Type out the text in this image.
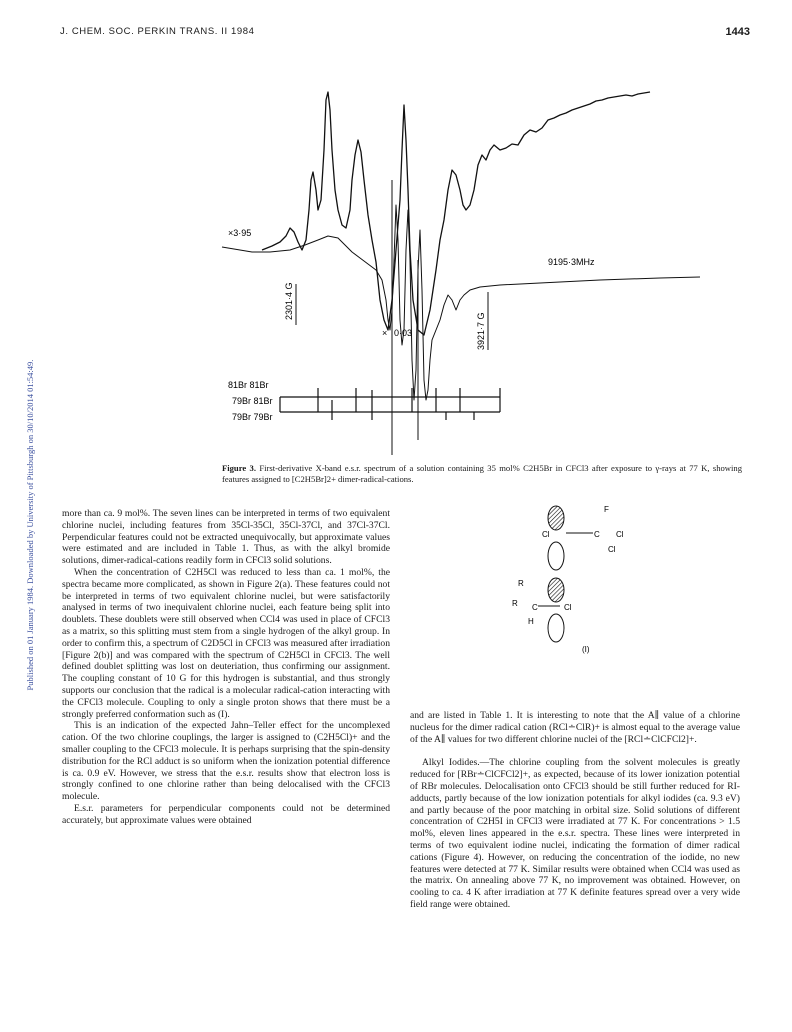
J. CHEM. SOC. PERKIN TRANS. II 1984	1443
Published on 01 January 1984. Downloaded by University of Pittsburgh on 30/10/2014 01:54:49.
2301·4 G
3921·7 G
×3·95
× 0·03
9195·3MHz
81Br 81Br
79Br 81Br
79Br 79Br
Figure 3. First-derivative X-band e.s.r. spectrum of a solution containing 35 mol% C2H5Br in CFCl3 after exposure to γ-rays at 77 K, showing features assigned to [C2H5Br]2+ dimer-radical-cations.
F
Cl	C Cl
Cl
R
R C	Cl
H
(I)

more than ca. 9 mol%. The seven lines can be interpreted in terms of two equivalent chlorine nuclei, including features from 35Cl-35Cl, 35Cl-37Cl, and 37Cl-37Cl. Perpendicular features could not be extracted unequivocally, but approximate values were estimated and are included in Table 1. Thus, as with the alkyl bromide solutions, dimer-radical-cations readily form in CFCl3 solid solutions.

When the concentration of C2H5Cl was reduced to less than ca. 1 mol%, the spectra became more complicated, as shown in Figure 2(a). These features could not be interpreted in terms of two equivalent chlorine nuclei, but were satisfactorily analysed in terms of two inequivalent chlorine nuclei, each feature being split into doublets. These doublets were still observed when CCl4 was used in place of CFCl3 as a matrix, so this splitting must stem from a single hydrogen of the alkyl group. In order to confirm this, a spectrum of C2D5Cl in CFCl3 was measured after irradiation [Figure 2(b)] and was compared with the spectrum of C2H5Cl in CFCl3. The well defined doublet splitting was lost on deuteriation, thus confirming our assignment. The coupling constant of 10 G for this hydrogen is substantial, and thus strongly supports our conclusion that the radical is a molecular radical-cation interacting with the CFCl3 molecule. Coupling to only a single proton shows that there must be a strongly preferred conformation such as (I).

This is an indication of the expected Jahn–Teller effect for the uncomplexed cation. Of the two chlorine couplings, the larger is assigned to (C2H5Cl)+ and the smaller coupling to the CFCl3 molecule. It is perhaps surprising that the spin-density distribution for the RCl adduct is so uniform when the ionization potential difference is ca. 0.9 eV. However, we stress that the e.s.r. results show that electron loss is strongly confined to one chlorine rather than being delocalised with the CFCl3 molecule.

E.s.r. parameters for perpendicular components could not be determined accurately, but approximate values were obtained

and are listed in Table 1. It is interesting to note that the A∥ value of a chlorine nucleus for the dimer radical cation (RCl∸ClR)+ is almost equal to the average value of the A∥ values for two different chlorine nuclei of the [RCl∸ClCFCl2]+.

Alkyl Iodides.—The chlorine coupling from the solvent molecules is greatly reduced for [RBr∸ClCFCl2]+, as expected, because of its lower ionization potential of RBr molecules. Delocalisation onto CFCl3 should be still further reduced for RI-adducts, partly because of the low ionization potentials for alkyl iodides (ca. 9.3 eV) and partly because of the poor matching in orbital size. Solid solutions of different concentration of C2H5I in CFCl3 were irradiated at 77 K. For concentrations > 1.5 mol%, eleven lines appeared in the e.s.r. spectra. These lines were interpreted in terms of two equivalent iodine nuclei, indicating the formation of dimer radical cations (Figure 4). However, on reducing the concentration of the iodide, no new features were detected at 77 K. Similar results were obtained when CCl4 was used as the matrix. On annealing above 77 K, no improvement was obtained. However, on cooling to ca. 4 K after irradiation at 77 K definite features spread over a very wide field range were obtained.
